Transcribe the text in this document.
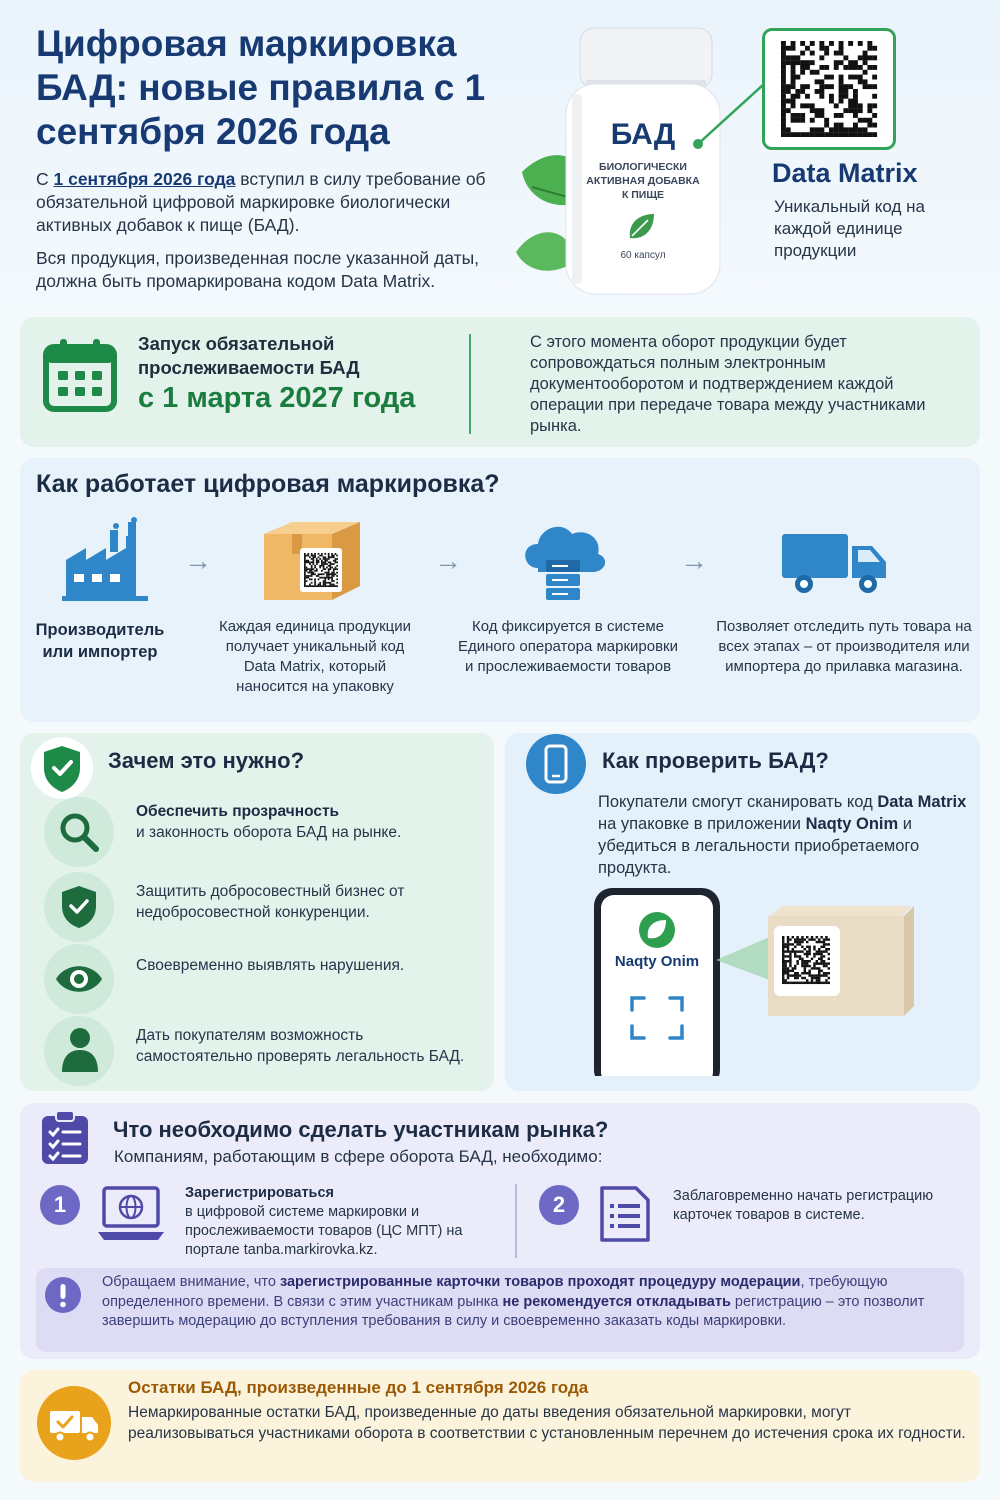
Цифровая маркировка БАД: новые правила с 1 сентября 2026 года

С 1 сентября 2026 года вступил в силу требование об обязательной цифровой маркировке биологически активных добавок к пище (БАД).

Вся продукция, произведенная после указанной даты, должна быть промаркирована кодом Data Matrix.

БАД
БИОЛОГИЧЕСКИ
АКТИВНАЯ ДОБАВКА
К ПИЩЕ
60 капсул
Data Matrix
Уникальный код на каждой единице продукции
Запуск обязательной прослеживаемости БАД
с 1 марта 2027 года
С этого момента оборот продукции будет сопровождаться полным электронным документооборотом и подтверждением каждой операции при передаче товара между участниками рынка.
Как работает цифровая маркировка?
Производитель или импортер
→
Каждая единица продукции получает уникальный код Data Matrix, который наносится на упаковку
→
Код фиксируется в системе Единого оператора маркировки и прослеживаемости товаров
→
Позволяет отследить путь товара на всех этапах – от производителя или импортера до прилавка магазина.
Зачем это нужно?
Обеспечить прозрачность
и законность оборота БАД на рынке.
Защитить добросовестный бизнес от недобросовестной конкуренции.
Своевременно выявлять нарушения.
Дать покупателям возможность самостоятельно проверять легальность БАД.
Как проверить БАД?

Покупатели смогут сканировать код Data Matrix на упаковке в приложении Naqty Onim и убедиться в легальности приобретаемого продукта.

Naqty Onim
Что необходимо сделать участникам рынка?
Компаниям, работающим в сфере оборота БАД, необходимо:
1	Зарегистрироваться
в цифровой системе маркировки и прослеживаемости товаров (ЦС МПТ) на портале tanba.markirovka.kz.
2	Заблаговременно начать регистрацию карточек товаров в системе.

Обращаем внимание, что зарегистрированные карточки товаров проходят процедуру модерации, требующую определенного времени. В связи с этим участникам рынка не рекомендуется откладывать регистрацию – это позволит завершить модерацию до вступления требования в силу и своевременно заказать коды маркировки.

Остатки БАД, произведенные до 1 сентября 2026 года
Немаркированные остатки БАД, произведенные до даты введения обязательной маркировки, могут реализовываться участниками оборота в соответствии с установленным перечнем до истечения срока их годности.
